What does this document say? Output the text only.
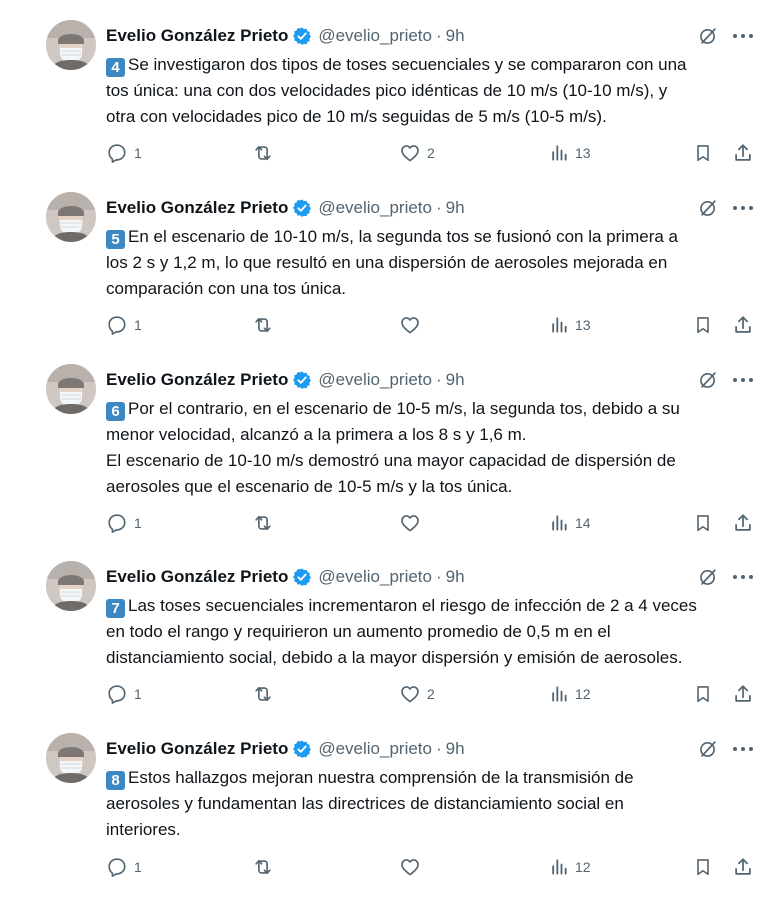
Evelio González Prieto @evelio_prieto · 9h
4 Se investigaron dos tipos de toses secuenciales y se compararon con una
tos única: una con dos velocidades pico idénticas de 10 m/s (10-10 m/s), y
otra con velocidades pico de 10 m/s seguidas de 5 m/s (10-5 m/s).
1	2	13
Evelio González Prieto @evelio_prieto · 9h
5 En el escenario de 10-10 m/s, la segunda tos se fusionó con la primera a
los 2 s y 1,2 m, lo que resultó en una dispersión de aerosoles mejorada en
comparación con una tos única.
1	13
Evelio González Prieto @evelio_prieto · 9h
6 Por el contrario, en el escenario de 10-5 m/s, la segunda tos, debido a su
menor velocidad, alcanzó a la primera a los 8 s y 1,6 m.
El escenario de 10-10 m/s demostró una mayor capacidad de dispersión de
aerosoles que el escenario de 10-5 m/s y la tos única.
1	14
Evelio González Prieto @evelio_prieto · 9h
7 Las toses secuenciales incrementaron el riesgo de infección de 2 a 4 veces
en todo el rango y requirieron un aumento promedio de 0,5 m en el
distanciamiento social, debido a la mayor dispersión y emisión de aerosoles.
1	2	12
Evelio González Prieto @evelio_prieto · 9h
8 Estos hallazgos mejoran nuestra comprensión de la transmisión de
aerosoles y fundamentan las directrices de distanciamiento social en
interiores.
1	12
